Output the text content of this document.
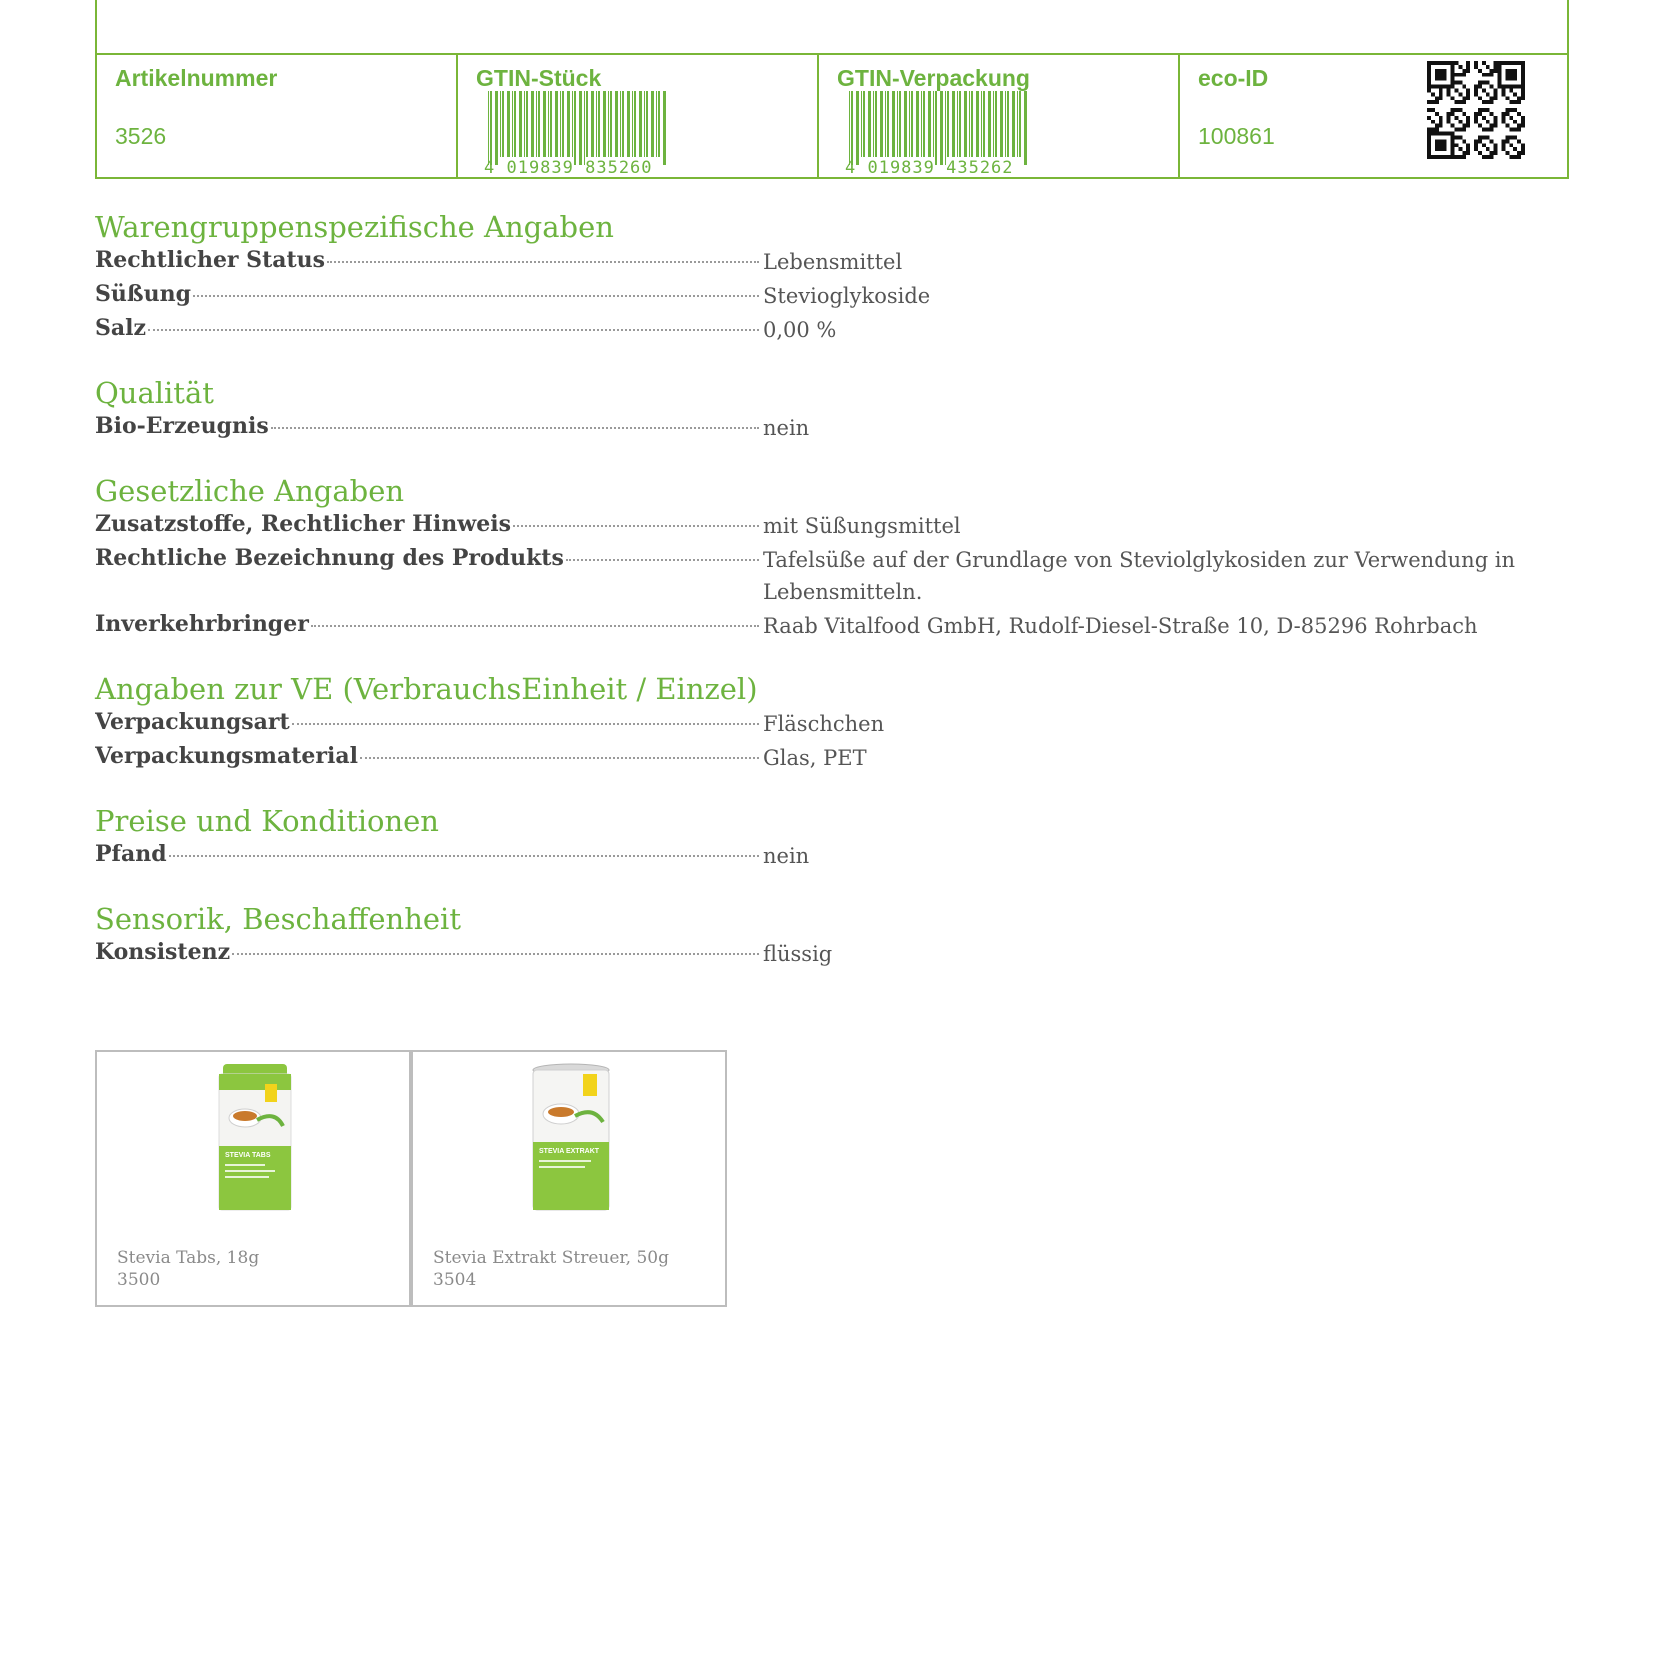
Artikelnummer
3526
GTIN-Stück
4 019839 835260
GTIN-Verpackung
4 019839 435262
eco-ID
100861
Warengruppenspezifische Angaben
Rechtlicher Status	Lebensmittel
Süßung	Stevioglykoside
Salz	0,00 %
Qualität
Bio-Erzeugnis	nein
Gesetzliche Angaben
Zusatzstoffe, Rechtlicher Hinweis	mit Süßungsmittel
Rechtliche Bezeichnung des Produkts	Tafelsüße auf der Grundlage von Steviolglykosiden zur Verwendung in Lebensmitteln.
Inverkehrbringer	Raab Vitalfood GmbH, Rudolf-Diesel-Straße 10, D-85296 Rohrbach
Angaben zur VE (VerbrauchsEinheit / Einzel)
Verpackungsart	Fläschchen
Verpackungsmaterial	Glas, PET
Preise und Konditionen
Pfand	nein
Sensorik, Beschaffenheit
Konsistenz	flüssig
STEVIA TABS
Stevia Tabs, 18g
3500
STEVIA EXTRAKT
Stevia Extrakt Streuer, 50g
3504
